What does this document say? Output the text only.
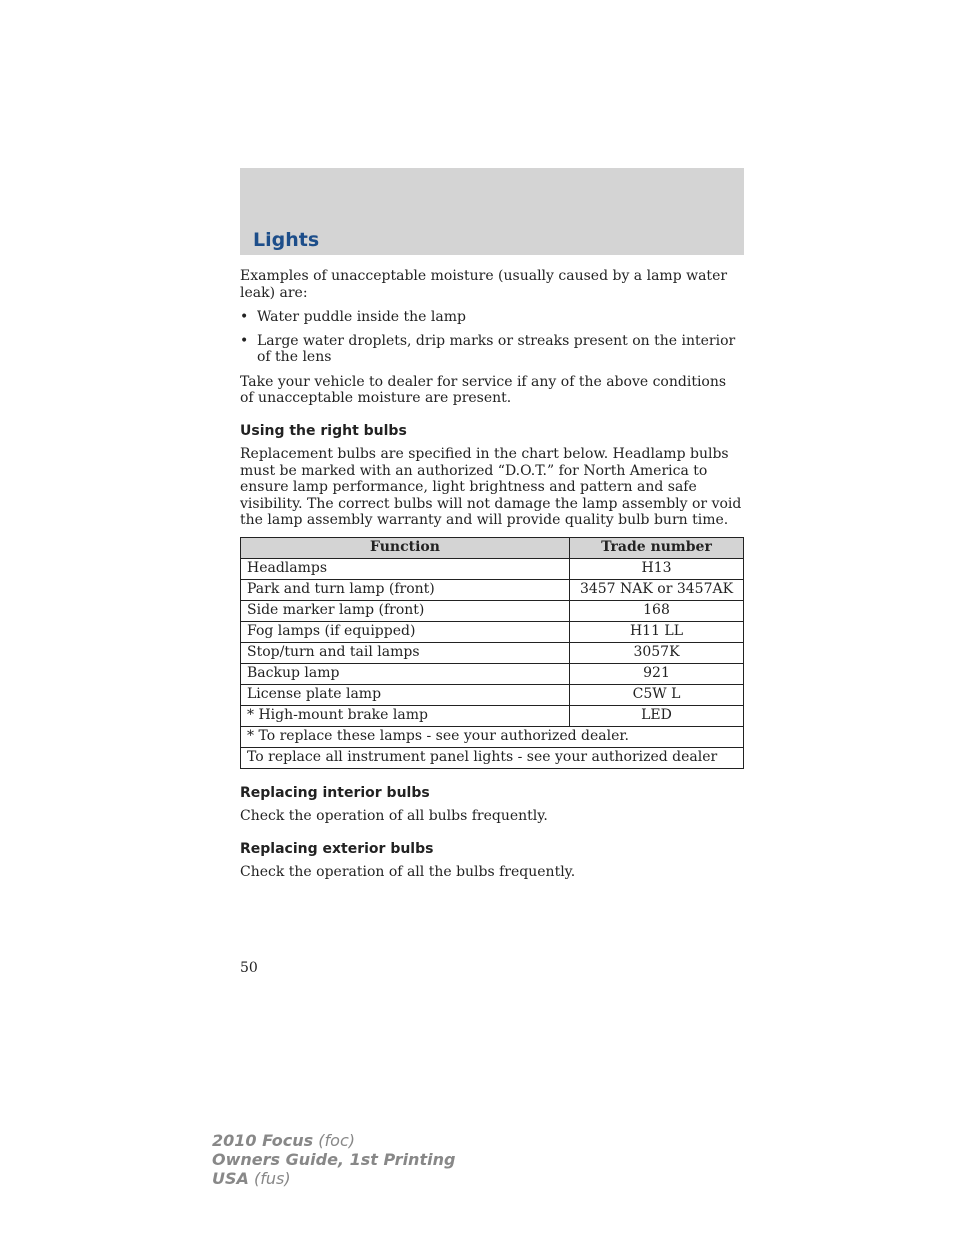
Lights

Examples of unacceptable moisture (usually caused by a lamp water leak) are:

• Water puddle inside the lamp
• Large water droplets, drip marks or streaks present on the interior of the lens

Take your vehicle to dealer for service if any of the above conditions of unacceptable moisture are present.

Using the right bulbs

Replacement bulbs are specified in the chart below. Headlamp bulbs must be marked with an authorized “D.O.T.” for North America to ensure lamp performance, light brightness and pattern and safe visibility. The correct bulbs will not damage the lamp assembly or void the lamp assembly warranty and will provide quality bulb burn time.

Function	Trade number
Headlamps	H13
Park and turn lamp (front)	3457 NAK or 3457AK
Side marker lamp (front)	168
Fog lamps (if equipped)	H11 LL
Stop/turn and tail lamps	3057K
Backup lamp	921
License plate lamp	C5W L
* High-mount brake lamp	LED
* To replace these lamps - see your authorized dealer.	
To replace all instrument panel lights - see your authorized dealer	
Replacing interior bulbs

Check the operation of all bulbs frequently.

Replacing exterior bulbs

Check the operation of all the bulbs frequently.

50
2010 Focus (foc)
Owners Guide, 1st Printing
USA (fus)
